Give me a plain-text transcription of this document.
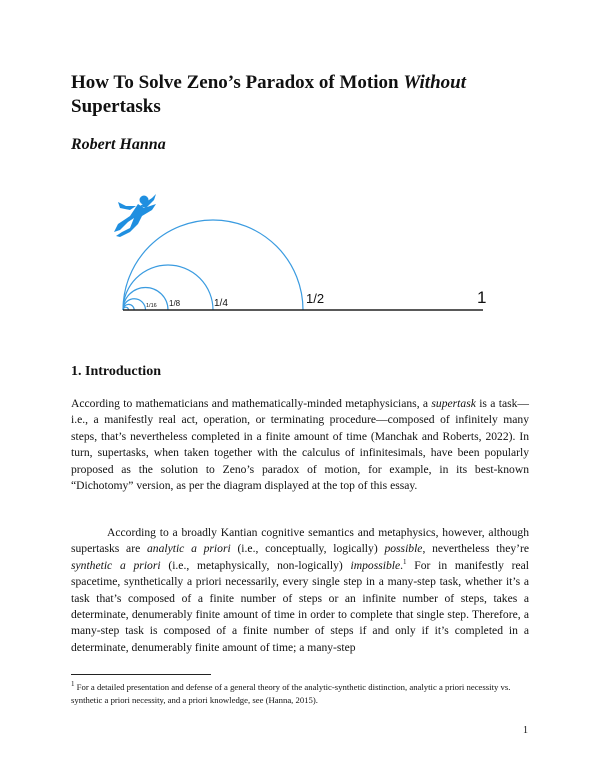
How To Solve Zeno’s Paradox of Motion Without
Supertasks
Robert Hanna
1
1/2
1/4
1/8
1/16
1. Introduction
According to mathematicians and mathematically-minded metaphysicians, a supertask is a task—i.e., a manifestly real act, operation, or terminating procedure—composed of infinitely many steps, that’s nevertheless completed in a finite amount of time (Manchak and Roberts, 2022). In turn, supertasks, when taken together with the calculus of infinitesimals, have been popularly proposed as the solution to Zeno’s paradox of motion, for example, in its best-known “Dichotomy” version, as per the diagram displayed at the top of this essay.
According to a broadly Kantian cognitive semantics and metaphysics, however, although supertasks are analytic a priori (i.e., conceptually, logically) possible, nevertheless they’re synthetic a priori (i.e., metaphysically, non-logically) impossible.$^1$ For in manifestly real spacetime, synthetically a priori necessarily, every single step in a many-step task, whether it’s a task that’s composed of a finite number of steps or an infinite number of steps, takes a determinate, denumerably finite amount of time in order to complete that single step. Therefore, a many-step task is composed of a finite number of steps if and only if it’s completed in a determinate, denumerably finite amount of time; a many-step
$^1$ For a detailed presentation and defense of a general theory of the analytic-synthetic distinction, analytic a priori necessity vs. synthetic a priori necessity, and a priori knowledge, see (Hanna, 2015).
1
